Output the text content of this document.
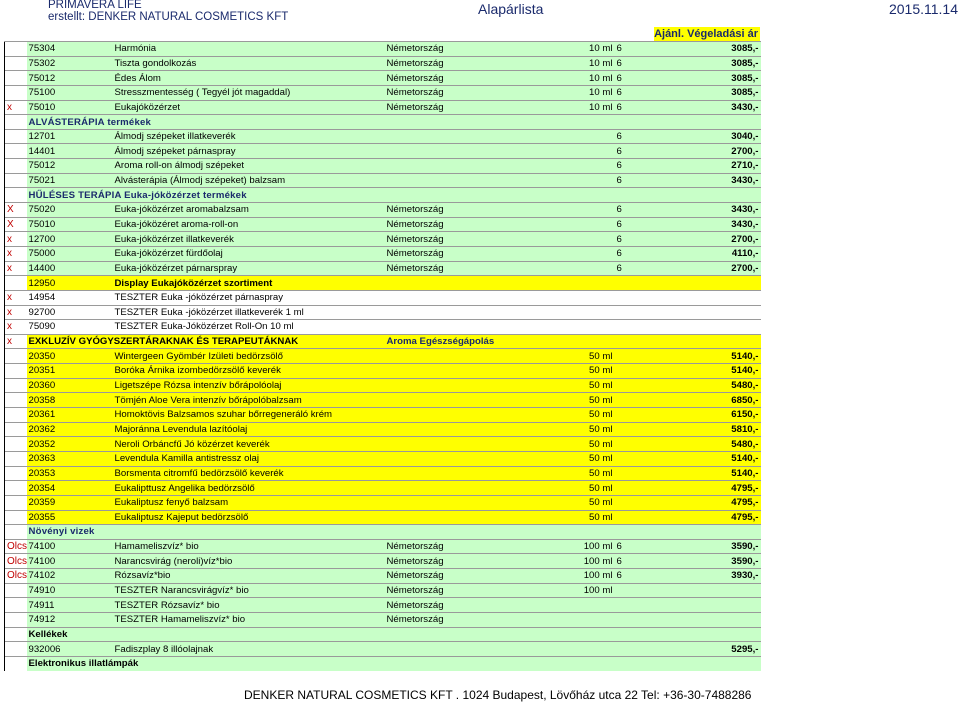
PRIMAVERA LIFE
erstellt: DENKER NATURAL COSMETICS KFT	Alapárlista	2015.11.14
Ajánl. Végeladási ár
	75304	Harmónia	Németország	10 ml	6	3085,-
	75302	Tiszta gondolkozás	Németország	10 ml	6	3085,-
	75012	Édes Álom	Németország	10 ml	6	3085,-
	75100	Stresszmentesség ( Tegyél jót magaddal)	Németország	10 ml	6	3085,-
x	75010	Eukajóközérzet	Németország	10 ml	6	3430,-
	ALVÁSTERÁPIA termékek					
	12701	Álmodj szépeket illatkeverék			6	3040,-
	14401	Álmodj szépeket párnaspray			6	2700,-
	75012	Aroma roll-on álmodj szépeket			6	2710,-
	75021	Alvásterápia (Álmodj szépeket) balzsam			6	3430,-
	HŰLÉSES TERÁPIA Euka-jóközérzet termékek					
X	75020	Euka-jóközérzet aromabalzsam	Németország		6	3430,-
X	75010	Euka-jóközéret aroma-roll-on	Németország		6	3430,-
x	12700	Euka-jóközérzet illatkeverék	Németország		6	2700,-
x	75000	Euka-jóközérzet fürdőolaj	Németország		6	4110,-
x	14400	Euka-jóközérzet párnarspray	Németország		6	2700,-
	12950	Display Eukajóközérzet szortiment				
x	14954	TESZTER Euka -jóközérzet párnaspray				
x	92700	TESZTER Euka -jóközérzet illatkeverék 1 ml				
x	75090	TESZTER Euka-Jóközérzet Roll-On 10 ml				
x	EXKLUZÍV GYÓGYSZERTÁRAKNAK ÉS TERAPEUTÁKNAK		Aroma Egészségápolás			
	20350	Wintergeen Gyömbér Izületi bedörzsölő		50 ml		5140,-
	20351	Boróka Árnika izombedörzsölő keverék		50 ml		5140,-
	20360	Ligetszépe Rózsa intenzív bőrápolóolaj		50 ml		5480,-
	20358	Tömjén Aloe Vera intenzív bőrápolóbalzsam		50 ml		6850,-
	20361	Homoktövis Balzsamos szuhar bőrregeneráló krém		50 ml		6150,-
	20362	Majoránna Levendula lazítóolaj		50 ml		5810,-
	20352	Neroli Orbáncfű Jó közérzet keverék		50 ml		5480,-
	20363	Levendula Kamilla antistressz olaj		50 ml		5140,-
	20353	Borsmenta citromfű bedörzsölő keverék		50 ml		5140,-
	20354	Eukalipttusz Angelika bedörzsölő		50 ml		4795,-
	20359	Eukaliptusz fenyő balzsam		50 ml		4795,-
	20355	Eukaliptusz Kajeput bedörzsölő		50 ml		4795,-
	Növényi vizek					
Olcs	74100	Hamameliszvíz* bio	Németország	100 ml	6	3590,-
Olcs	74100	Narancsvirág (neroli)víz*bio	Németország	100 ml	6	3590,-
Olcs	74102	Rózsavíz*bio	Németország	100 ml	6	3930,-
	74910	TESZTER Narancsvirágvíz* bio	Németország	100 ml		
	74911	TESZTER Rózsavíz* bio	Németország			
	74912	TESZTER Hamameliszvíz* bio	Németország			
	Kellékek					
	932006	Fadiszplay 8 illóolajnak				5295,-
	Elektronikus illatlámpák					
DENKER NATURAL COSMETICS KFT . 1024 Budapest, Lövőház utca 22 Tel: +36-30-7488286
